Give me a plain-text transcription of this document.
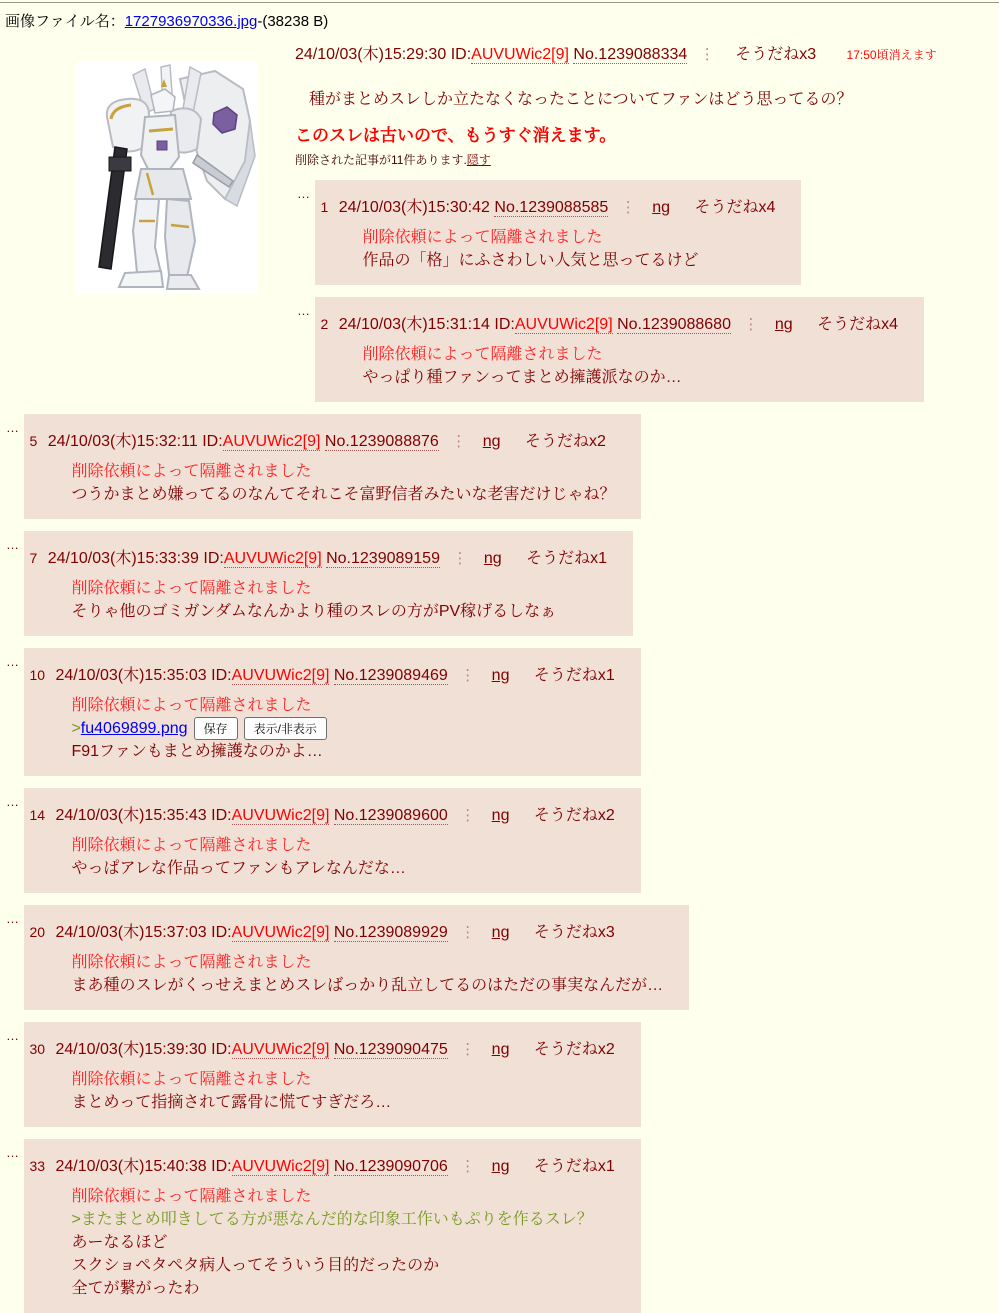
画像ファイル名：1727936970336.jpg-(38238 B)
24/10/03(木)15:29:30 ID:AUVUWic2[9] No.1239088334 ⋮ そうだねx3	17:50頃消えます
種がまとめスレしか立たなくなったことについてファンはどう思ってるの？
このスレは古いので、もうすぐ消えます。
削除された記事が11件あります.隠す
…
1 24/10/03(木)15:30:42 No.1239088585 ⋮ ng そうだねx4
削除依頼によって隔離されました
作品の「格」にふさわしい人気と思ってるけど
…
2 24/10/03(木)15:31:14 ID:AUVUWic2[9] No.1239088680 ⋮ ng そうだねx4
削除依頼によって隔離されました
やっぱり種ファンってまとめ擁護派なのか…
…
5 24/10/03(木)15:32:11 ID:AUVUWic2[9] No.1239088876 ⋮ ng そうだねx2
削除依頼によって隔離されました
つうかまとめ嫌ってるのなんてそれこそ富野信者みたいな老害だけじゃね？
…
7 24/10/03(木)15:33:39 ID:AUVUWic2[9] No.1239089159 ⋮ ng そうだねx1
削除依頼によって隔離されました
そりゃ他のゴミガンダムなんかより種のスレの方がPV稼げるしなぁ
…
10 24/10/03(木)15:35:03 ID:AUVUWic2[9] No.1239089469 ⋮ ng そうだねx1
削除依頼によって隔離されました
>fu4069899.png 保存 表示/非表示
F91ファンもまとめ擁護なのかよ…
…
14 24/10/03(木)15:35:43 ID:AUVUWic2[9] No.1239089600 ⋮ ng そうだねx2
削除依頼によって隔離されました
やっぱアレな作品ってファンもアレなんだな…
…
20 24/10/03(木)15:37:03 ID:AUVUWic2[9] No.1239089929 ⋮ ng そうだねx3
削除依頼によって隔離されました
まあ種のスレがくっせえまとめスレばっかり乱立してるのはただの事実なんだが…
…
30 24/10/03(木)15:39:30 ID:AUVUWic2[9] No.1239090475 ⋮ ng そうだねx2
削除依頼によって隔離されました
まとめって指摘されて露骨に慌てすぎだろ…
…
33 24/10/03(木)15:40:38 ID:AUVUWic2[9] No.1239090706 ⋮ ng そうだねx1
削除依頼によって隔離されました
>またまとめ叩きしてる方が悪なんだ的な印象工作いもぷりを作るスレ？
あーなるほど
スクショペタペタ病人ってそういう目的だったのか
全てが繋がったわ
